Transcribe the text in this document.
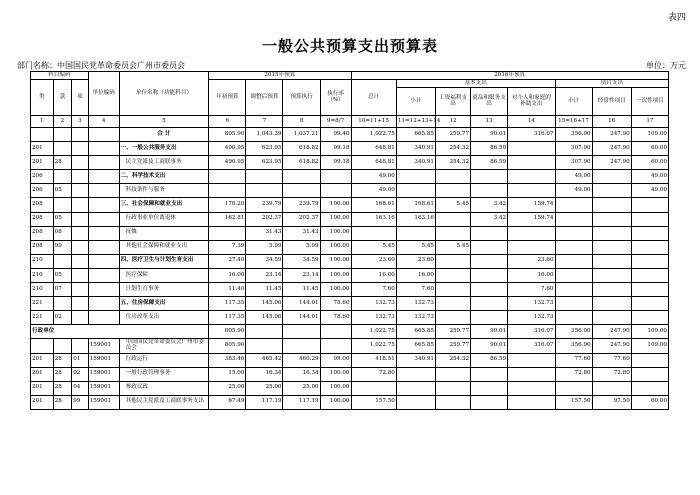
表四
一般公共预算支出预算表
部门名称：中国国民党革命委员会广州市委员会	单位：万元
科目编码			单位编码	单位名称（功能科目）	2015年预算				2016年预算							
类	款	项			年初预算	调整后预算	预算执行	执行率（%）	总计	基本支出				项目支出		
										小计	工资福利支出	商品和服务支出	对个人和家庭的补助支出	小计	经常性项目	一次性项目
1	2	3	4	5	6	7	8	9=8/7	10=11+15	11=12+13+14	12	13	14	15=16+17	16	17
				合 计	805.90	1,043.39	1,037.21	99.40	1,022.75	665.85	259.77	90.01	316.07	356.90	247.90	109.00
201				一、一般公共服务支出	490.95	623.95	618.82	99.18	648.81	340.91	254.32	86.59		307.90	247.90	60.00
201	28			民主党派及工商联事务	490.95	623.95	618.82	99.18	648.81	340.91	254.32	86.59		307.90	247.90	60.00
206				二、科学技术支出					49.00					49.00		49.00
206	05			科技条件与服务					49.00					49.00		49.00
208				三、社会保障和就业支出	170.20	239.79	239.79	100.00	168.61	168.61	5.45	3.42	159.74			
208	05			行政事业单位离退休	162.81	202.37	202.37	100.00	163.16	163.16		3.42	159.74			
208	08			抚恤		31.43	31.43	100.00								
208	99			其他社会保障和就业支出	7.39	5.99	5.99	100.00	5.45	5.45	5.45					
210				四、医疗卫生与计划生育支出	27.40	34.59	34.59	100.00	23.60	23.60			23.60			
210	05			医疗保障	16.00	23.14	23.14	100.00	16.00	16.00			16.00			
210	07			计划生育事务	11.40	11.45	11.45	100.00	7.60	7.60			7.60			
221				五、住房保障支出	117.35	145.06	144.01	78.60	132.73	132.73			132.73			
221	02			住房改革支出	117.35	145.06	144.01	78.60	132.73	132.73			132.73			
行政单位					805.90				1,022.75	665.85	259.77	90.01	316.07	356.90	247.90	109.00
			159001	中国国民党革命委员会广州市委员会	805.90				1,022.75	665.85	259.77	90.01	316.07	356.90	247.90	109.00
201	28	01	159001	行政运行	383.46	465.42	460.29	99.00	418.51	340.91	254.32	86.59		77.60	77.60	
201	28	02	159001	一般行政管理事务	15.00	16.34	16.34	100.00	72.80					72.80	72.80	
201	28	04	159001	参政议政	25.00	25.00	25.00	100.00								
201	28	99	159001	其他民主党派及工商联事务支出	67.49	117.19	117.19	100.00	157.50					157.50	97.50	60.00
